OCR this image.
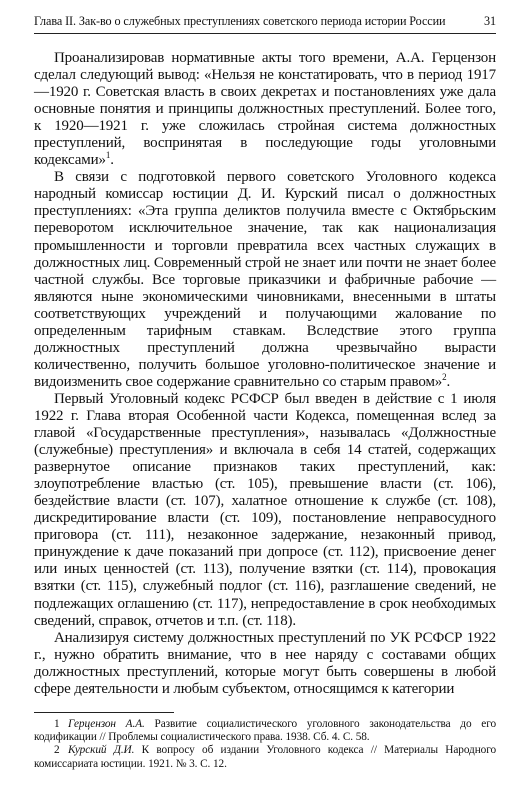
Глава II. Зак-во о служебных преступлениях советского периода истории России	31

Проанализировав нормативные акты того времени, А.А. Герцензон сделал следующий вывод: «Нельзя не констатировать, что в период 1917—1920 г. Советская власть в своих декретах и постановлениях уже дала основные понятия и принципы должностных преступлений. Более того, к 1920—1921 г. уже сложилась стройная система должностных преступлений, воспринятая в последующие годы уголовными кодексами»$^1$.

В связи с подготовкой первого советского Уголовного кодекса народный комиссар юстиции Д. И. Курский писал о должностных преступлениях: «Эта группа деликтов получила вместе с Октябрьским переворотом исключительное значение, так как национализация промышленности и торговли превратила всех частных служащих в должностных лиц. Современный строй не знает или почти не знает более частной службы. Все торговые приказчики и фабричные рабочие — являются ныне экономическими чиновниками, внесенными в штаты соответствующих учреждений и получающими жалование по определенным тарифным ставкам. Вследствие этого группа должностных преступлений должна чрезвычайно вырасти количественно, получить большое уголовно-политическое значение и видоизменить свое содержание сравнительно со старым правом»$^2$.

Первый Уголовный кодекс РСФСР был введен в действие с 1 июля 1922 г. Глава вторая Особенной части Кодекса, помещенная вслед за главой «Государственные преступления», называлась «Должностные (служебные) преступления» и включала в себя 14 статей, содержащих развернутое описание признаков таких преступлений, как: злоупотребление властью (ст. 105), превышение власти (ст. 106), бездействие власти (ст. 107), халатное отношение к службе (ст. 108), дискредитирование власти (ст. 109), постановление неправосудного приговора (ст. 111), незаконное задержание, незаконный привод, принуждение к даче показаний при допросе (ст. 112), присвоение денег или иных ценностей (ст. 113), получение взятки (ст. 114), провокация взятки (ст. 115), служебный подлог (ст. 116), разглашение сведений, не подлежащих оглашению (ст. 117), непредоставление в срок необходимых сведений, справок, отчетов и т.п. (ст. 118).

Анализируя систему должностных преступлений по УК РСФСР 1922 г., нужно обратить внимание, что в нее наряду с составами общих должностных преступлений, которые могут быть совершены в любой сфере деятельности и любым субъектом, относящимся к категории

1 Герцензон А.А. Развитие социалистического уголовного законодательства до его кодификации // Проблемы социалистического права. 1938. Сб. 4. С. 58.

2 Курский Д.И. К вопросу об издании Уголовного кодекса // Материалы Народного комиссариата юстиции. 1921. № 3. С. 12.
